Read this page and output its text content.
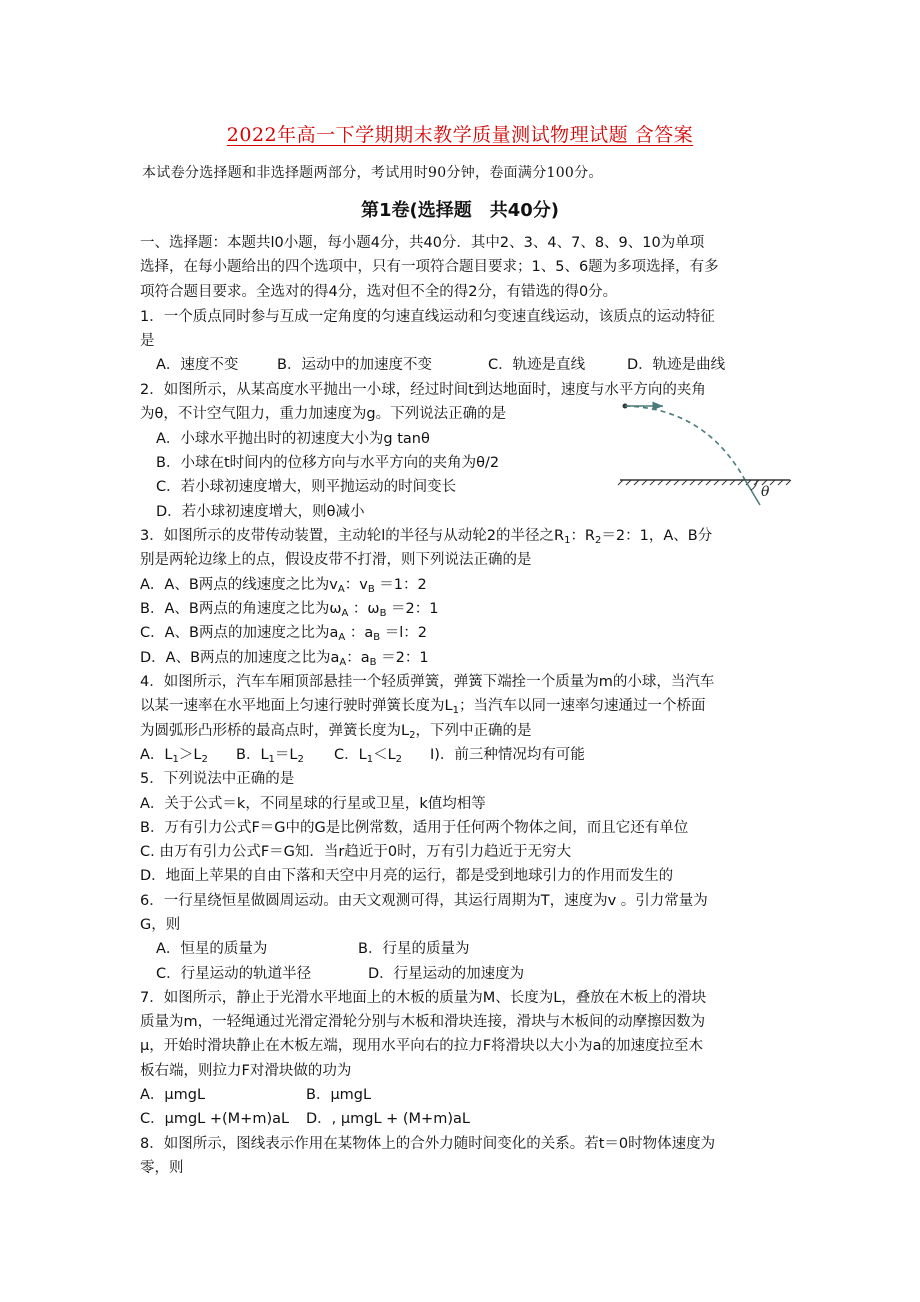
2022年高一下学期期末教学质量测试物理试题 含答案
本试卷分选择题和非选择题两部分，考试用时90分钟，卷面满分100分。
第1卷(选择题　共40分)
一、选择题：本题共l0小题，每小题4分，共40分．其中2、3、4、7、8、9、10为单项
选择，在每小题给出的四个选项中，只有一项符合题目要求；1、5、6题为多项选择，有多
项符合题目要求。全选对的得4分，选对但不全的得2分，有错选的得0分。
1．一个质点同时参与互成一定角度的匀速直线运动和匀变速直线运动，该质点的运动特征
是
A．速度不变	B．运动中的加速度不变	C．轨迹是直线	D．轨迹是曲线
2．如图所示，从某高度水平抛出一小球，经过时间t到达地面时，速度与水平方向的夹角
为θ，不计空气阻力，重力加速度为g。下列说法正确的是
A．小球水平抛出时的初速度大小为g tanθ
B．小球在t时间内的位移方向与水平方向的夹角为θ/2
C．若小球初速度增大，则平抛运动的时间变长
D．若小球初速度增大，则θ减小
θ
3．如图所示的皮带传动装置，主动轮l的半径与从动轮2的半径之$R_1$：$R_2=2$：1，A、B分
别是两轮边缘上的点，假设皮带不打滑，则下列说法正确的是
A．A、B两点的线速度之比为$v_A$：$v_B =1$：2
B．A、B两点的角速度之比为$\omega_A$ ：$\omega_B =2$：1
C．A、B两点的加速度之比为$a_A$ ：$a_B =l$：2
D．A、B两点的加速度之比为$a_A$：$a_B =2$：1
4．如图所示，汽车车厢顶部悬挂一个轻质弹簧，弹簧下端拴一个质量为m的小球，当汽车
以某一速率在水平地面上匀速行驶时弹簧长度为$L_1$；当汽车以同一速率匀速通过一个桥面
为圆弧形凸形桥的最高点时，弹簧长度为$L_2$，下列中正确的是
A．$L_1>L_2$ B．$L_1=L_2$ C．$L_1<L_2$ I)．前三种情况均有可能
5．下列说法中正确的是
A．关于公式＝k，不同星球的行星或卫星，k值均相等
B．万有引力公式F＝G中的G是比例常数，适用于任何两个物体之间，而且它还有单位
C. 由万有引力公式F＝G知．当r趋近于0时，万有引力趋近于无穷大
D．地面上苹果的自由下落和天空中月亮的运行，都是受到地球引力的作用而发生的
6．一行星绕恒星做圆周运动。由天文观测可得，其运行周期为T，速度为v 。引力常量为
G，则
A．恒星的质量为	B．行星的质量为
C．行星运动的轨道半径	D．行星运动的加速度为
7．如图所示，静止于光滑水平地面上的木板的质量为M、长度为L，叠放在木板上的滑块
质量为m，一轻绳通过光滑定滑轮分别与木板和滑块连接，滑块与木板间的动摩擦因数为
μ，开始时滑块静止在木板左端，现用水平向右的拉力F将滑块以大小为a的加速度拉至木
板右端，则拉力F对滑块做的功为
A．μmgL	B．μmgL
C．μmgL +(M+m)aL D．, μmgL + (M+m)aL
8．如图所示，图线表示作用在某物体上的合外力随时间变化的关系。若t＝0时物体速度为
零，则
